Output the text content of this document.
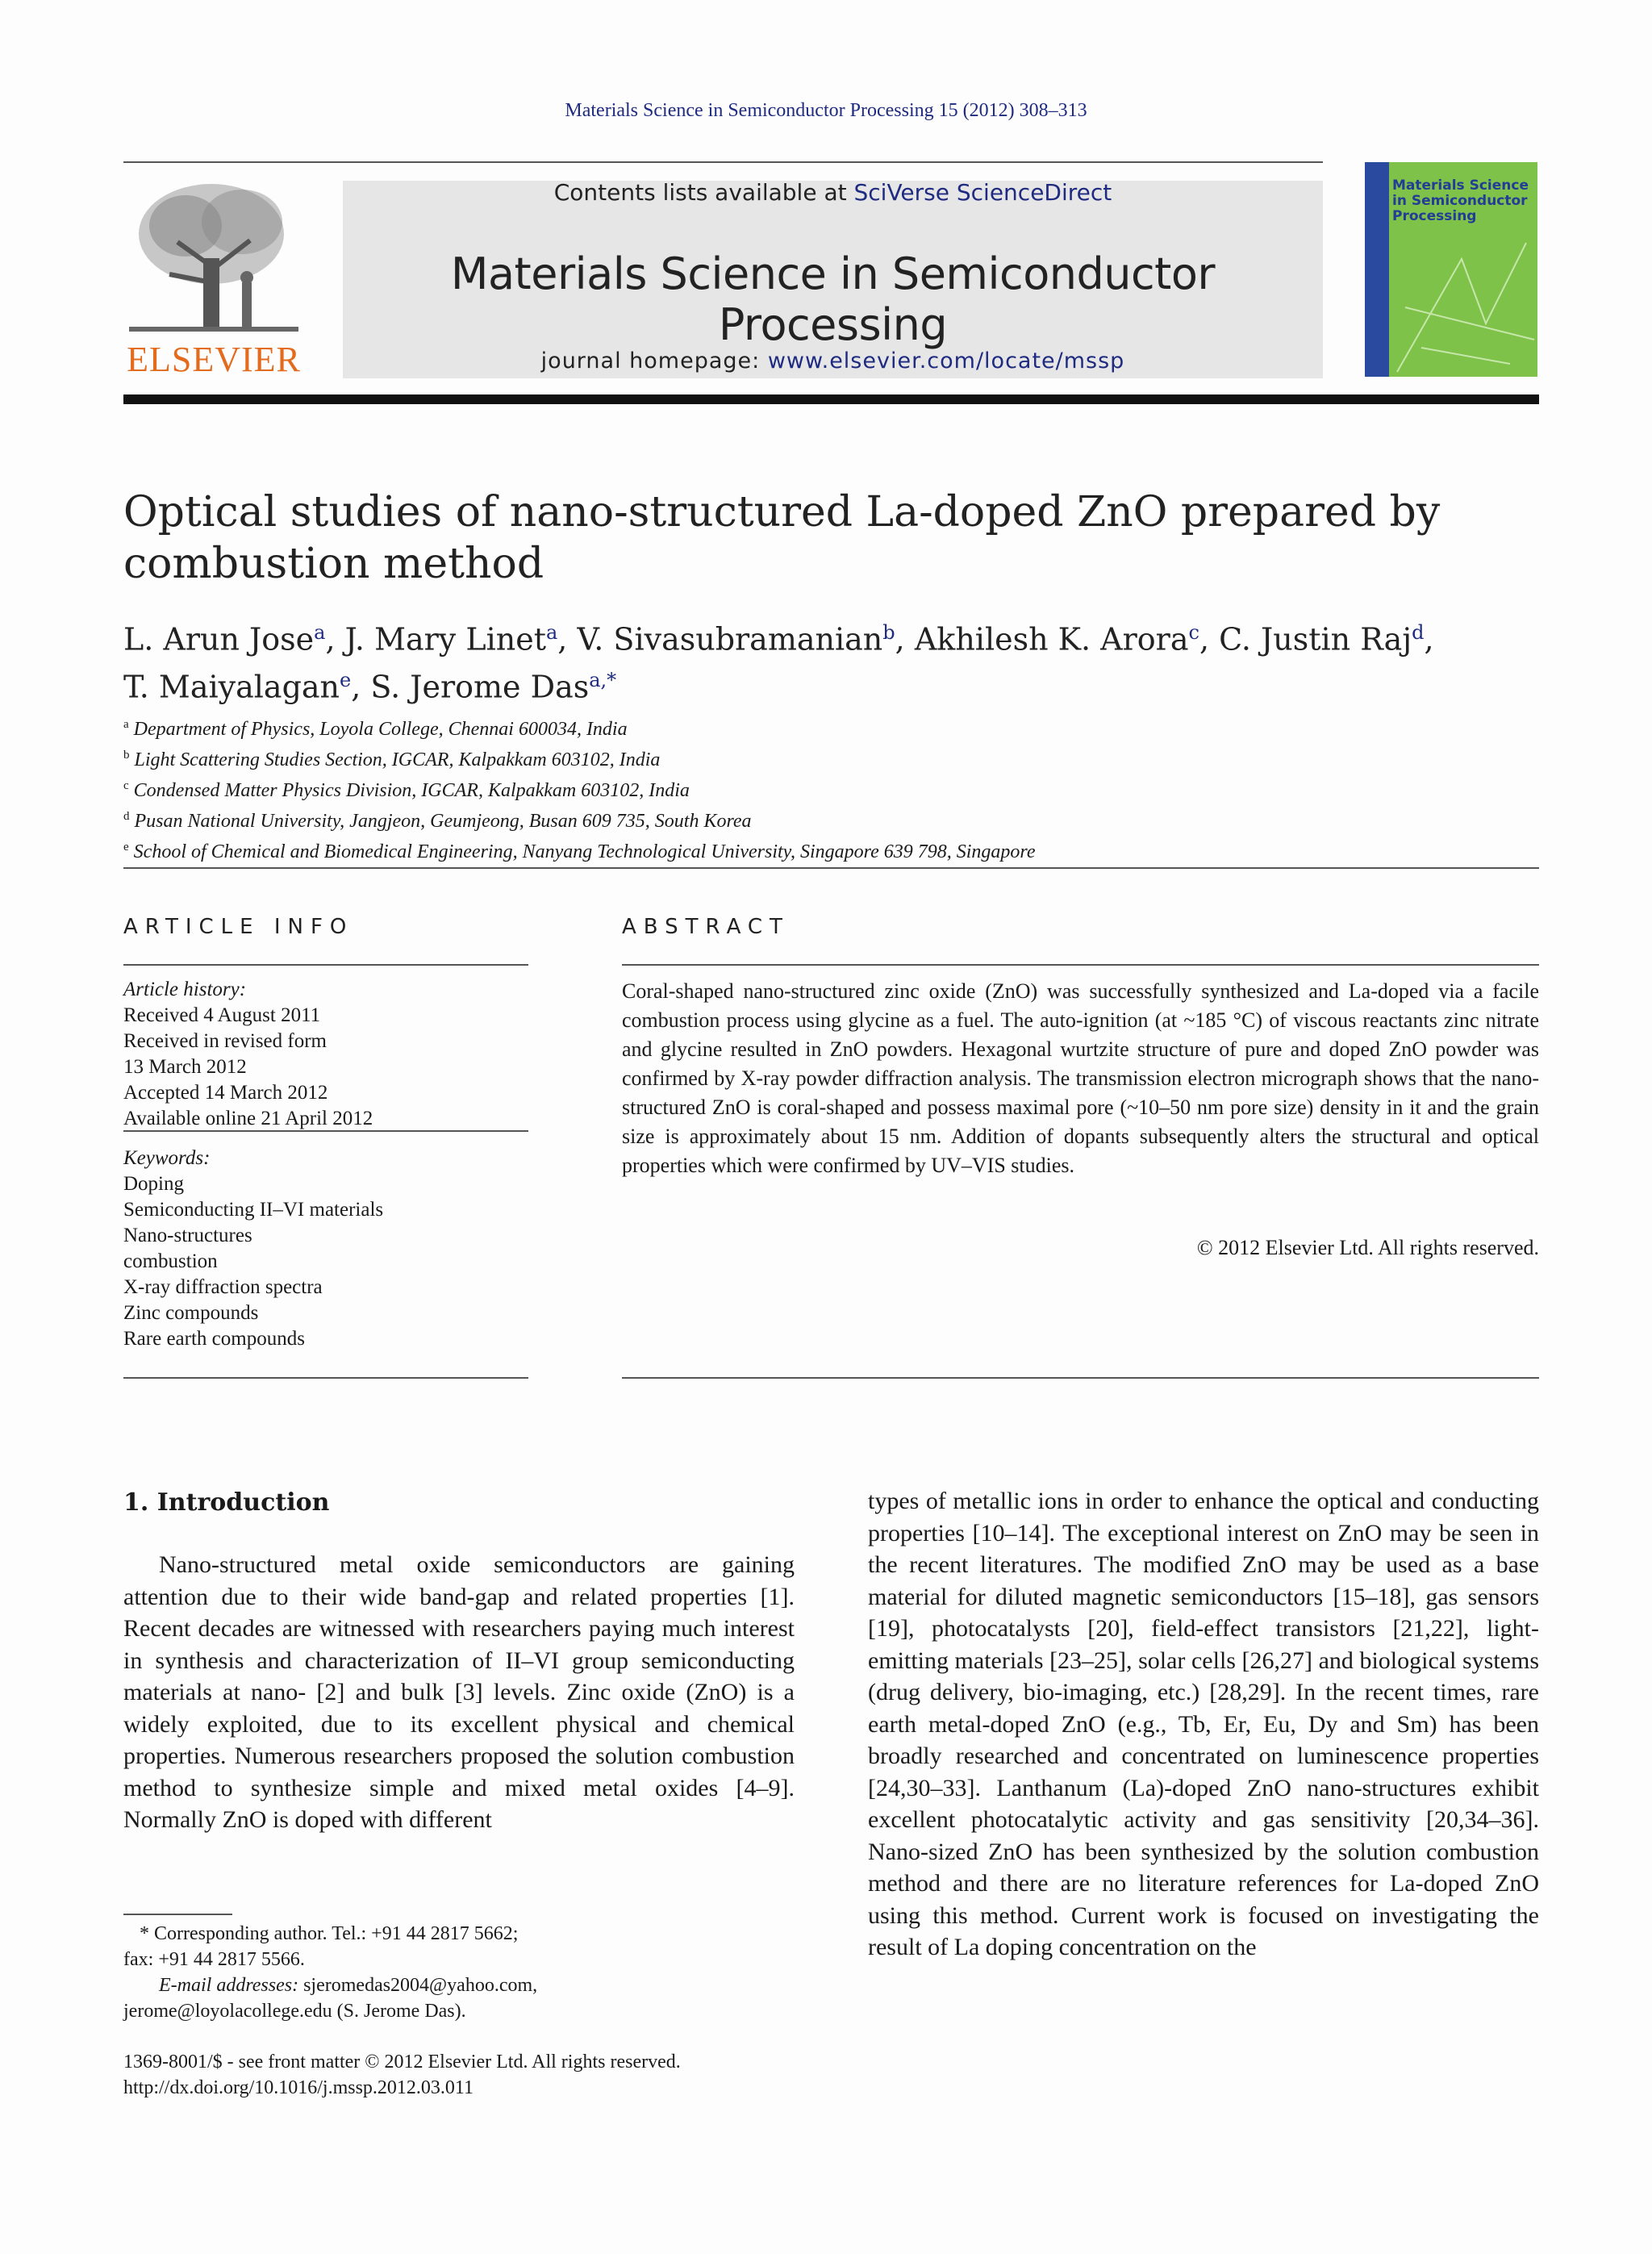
Materials Science in Semiconductor Processing 15 (2012) 308–313
ELSEVIER
Contents lists available at SciVerse ScienceDirect
Materials Science in Semiconductor Processing
journal homepage: www.elsevier.com/locate/mssp
Materials Science in Semiconductor Processing
Optical studies of nano-structured La-doped ZnO prepared by
combustion method
L. Arun Jose$^a$, J. Mary Linet$^a$, V. Sivasubramanian$^b$, Akhilesh K. Arora$^c$, C. Justin Raj$^d$,
T. Maiyalagan$^e$, S. Jerome Das$^{a,*}$
$^a$ Department of Physics, Loyola College, Chennai 600034, India
$^b$ Light Scattering Studies Section, IGCAR, Kalpakkam 603102, India
$^c$ Condensed Matter Physics Division, IGCAR, Kalpakkam 603102, India
$^d$ Pusan National University, Jangjeon, Geumjeong, Busan 609 735, South Korea
$^e$ School of Chemical and Biomedical Engineering, Nanyang Technological University, Singapore 639 798, Singapore
ARTICLE INFO
Article history:
Received 4 August 2011
Received in revised form
13 March 2012
Accepted 14 March 2012
Available online 21 April 2012
Keywords:
Doping
Semiconducting II–VI materials
Nano-structures
combustion
X-ray diffraction spectra
Zinc compounds
Rare earth compounds
ABSTRACT
Coral-shaped nano-structured zinc oxide (ZnO) was successfully synthesized and La-doped via a facile combustion process using glycine as a fuel. The auto-ignition (at ~185 °C) of viscous reactants zinc nitrate and glycine resulted in ZnO powders. Hexagonal wurtzite structure of pure and doped ZnO powder was confirmed by X-ray powder diffraction analysis. The transmission electron micrograph shows that the nano-structured ZnO is coral-shaped and possess maximal pore (~10–50 nm pore size) density in it and the grain size is approximately about 15 nm. Addition of dopants subsequently alters the structural and optical properties which were confirmed by UV–VIS studies.
© 2012 Elsevier Ltd. All rights reserved.
1. Introduction
Nano-structured metal oxide semiconductors are gaining attention due to their wide band-gap and related properties [1]. Recent decades are witnessed with researchers paying much interest in synthesis and characterization of II–VI group semiconducting materials at nano- [2] and bulk [3] levels. Zinc oxide (ZnO) is a widely exploited, due to its excellent physical and chemical properties. Numerous researchers proposed the solution combustion method to synthesize simple and mixed metal oxides [4–9]. Normally ZnO is doped with different
types of metallic ions in order to enhance the optical and conducting properties [10–14]. The exceptional interest on ZnO may be seen in the recent literatures. The modified ZnO may be used as a base material for diluted magnetic semiconductors [15–18], gas sensors [19], photocatalysts [20], field-effect transistors [21,22], light-emitting materials [23–25], solar cells [26,27] and biological systems (drug delivery, bio-imaging, etc.) [28,29]. In the recent times, rare earth metal-doped ZnO (e.g., Tb, Er, Eu, Dy and Sm) has been broadly researched and concentrated on luminescence properties [24,30–33]. Lanthanum (La)-doped ZnO nano-structures exhibit excellent photocatalytic activity and gas sensitivity [20,34–36]. Nano-sized ZnO has been synthesized by the solution combustion method and there are no literature references for La-doped ZnO using this method. Current work is focused on investigating the result of La doping concentration on the
* Corresponding author. Tel.: +91 44 2817 5662;
fax: +91 44 2817 5566.
E-mail addresses: sjeromedas2004@yahoo.com,
jerome@loyolacollege.edu (S. Jerome Das).
1369-8001/$ - see front matter © 2012 Elsevier Ltd. All rights reserved.
http://dx.doi.org/10.1016/j.mssp.2012.03.011
